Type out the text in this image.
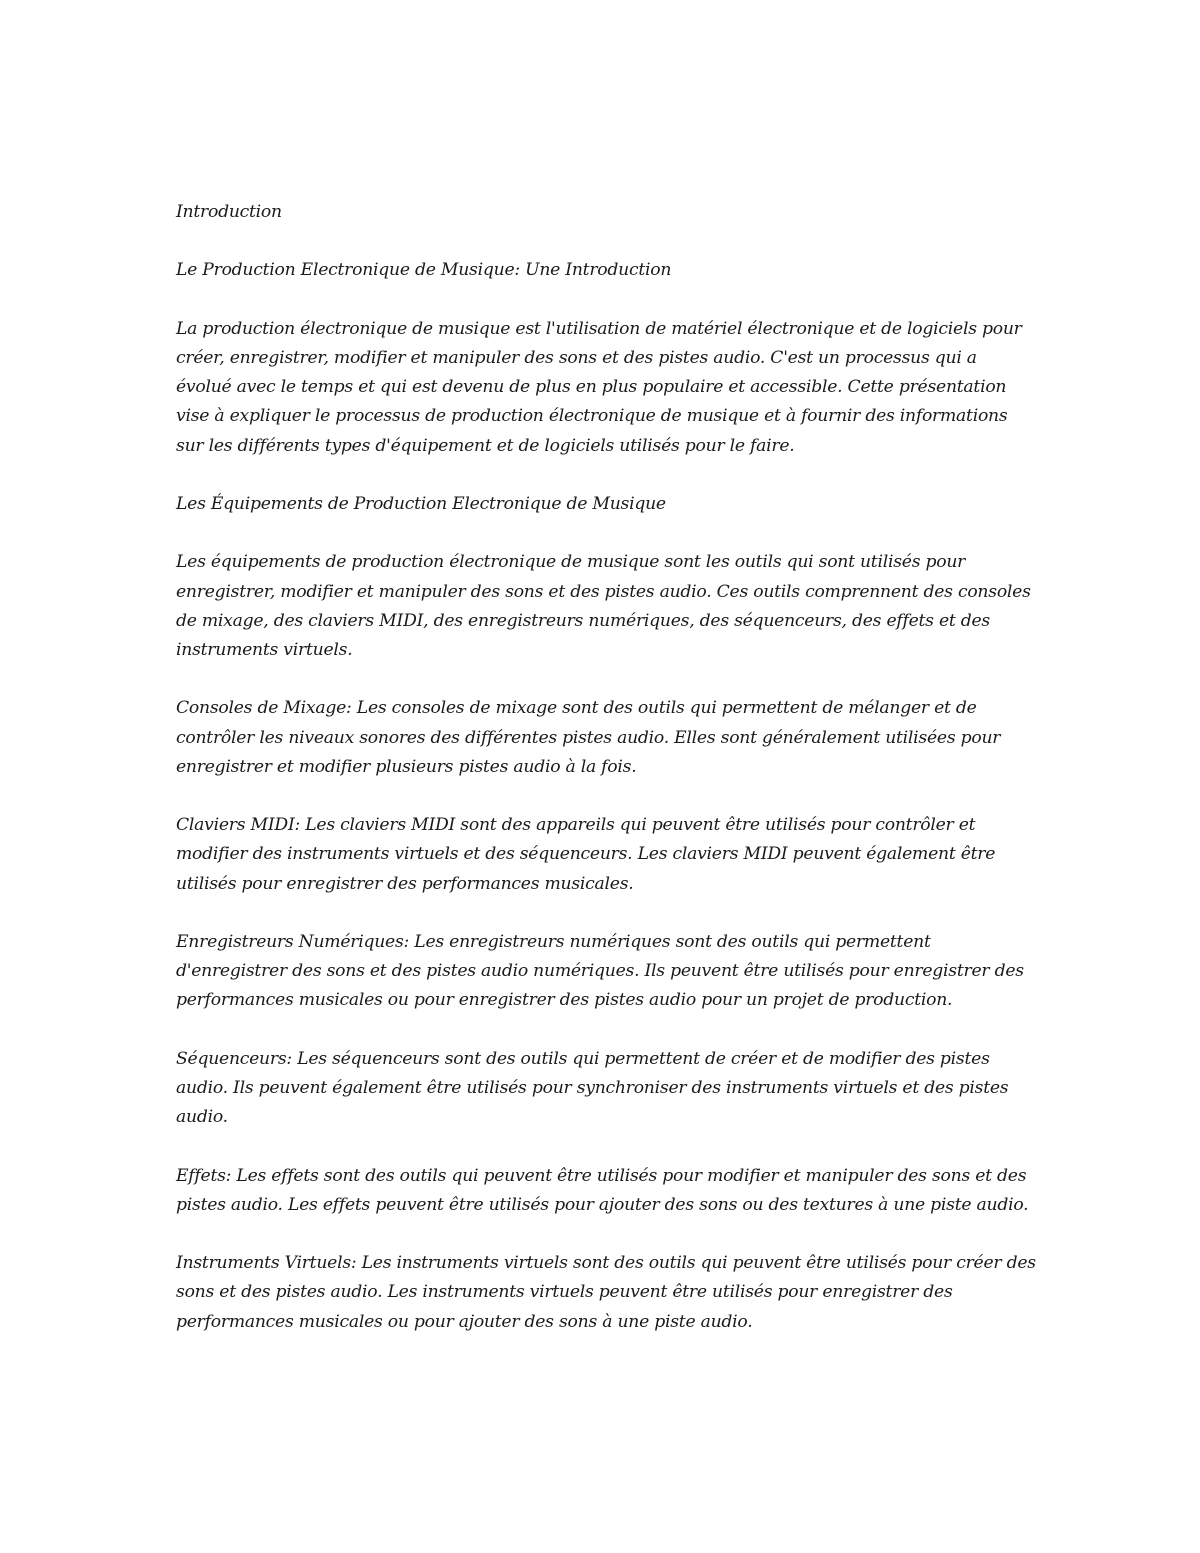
Introduction

Le Production Electronique de Musique: Une Introduction

La production électronique de musique est l'utilisation de matériel électronique et de logiciels pour créer, enregistrer, modifier et manipuler des sons et des pistes audio. C'est un processus qui a évolué avec le temps et qui est devenu de plus en plus populaire et accessible. Cette présentation vise à expliquer le processus de production électronique de musique et à fournir des informations sur les différents types d'équipement et de logiciels utilisés pour le faire.

Les Équipements de Production Electronique de Musique

Les équipements de production électronique de musique sont les outils qui sont utilisés pour enregistrer, modifier et manipuler des sons et des pistes audio. Ces outils comprennent des consoles de mixage, des claviers MIDI, des enregistreurs numériques, des séquenceurs, des effets et des instruments virtuels.

Consoles de Mixage: Les consoles de mixage sont des outils qui permettent de mélanger et de contrôler les niveaux sonores des différentes pistes audio. Elles sont généralement utilisées pour enregistrer et modifier plusieurs pistes audio à la fois.

Claviers MIDI: Les claviers MIDI sont des appareils qui peuvent être utilisés pour contrôler et modifier des instruments virtuels et des séquenceurs. Les claviers MIDI peuvent également être utilisés pour enregistrer des performances musicales.

Enregistreurs Numériques: Les enregistreurs numériques sont des outils qui permettent d'enregistrer des sons et des pistes audio numériques. Ils peuvent être utilisés pour enregistrer des performances musicales ou pour enregistrer des pistes audio pour un projet de production.

Séquenceurs: Les séquenceurs sont des outils qui permettent de créer et de modifier des pistes audio. Ils peuvent également être utilisés pour synchroniser des instruments virtuels et des pistes audio.

Effets: Les effets sont des outils qui peuvent être utilisés pour modifier et manipuler des sons et des pistes audio. Les effets peuvent être utilisés pour ajouter des sons ou des textures à une piste audio.

Instruments Virtuels: Les instruments virtuels sont des outils qui peuvent être utilisés pour créer des sons et des pistes audio. Les instruments virtuels peuvent être utilisés pour enregistrer des performances musicales ou pour ajouter des sons à une piste audio.
